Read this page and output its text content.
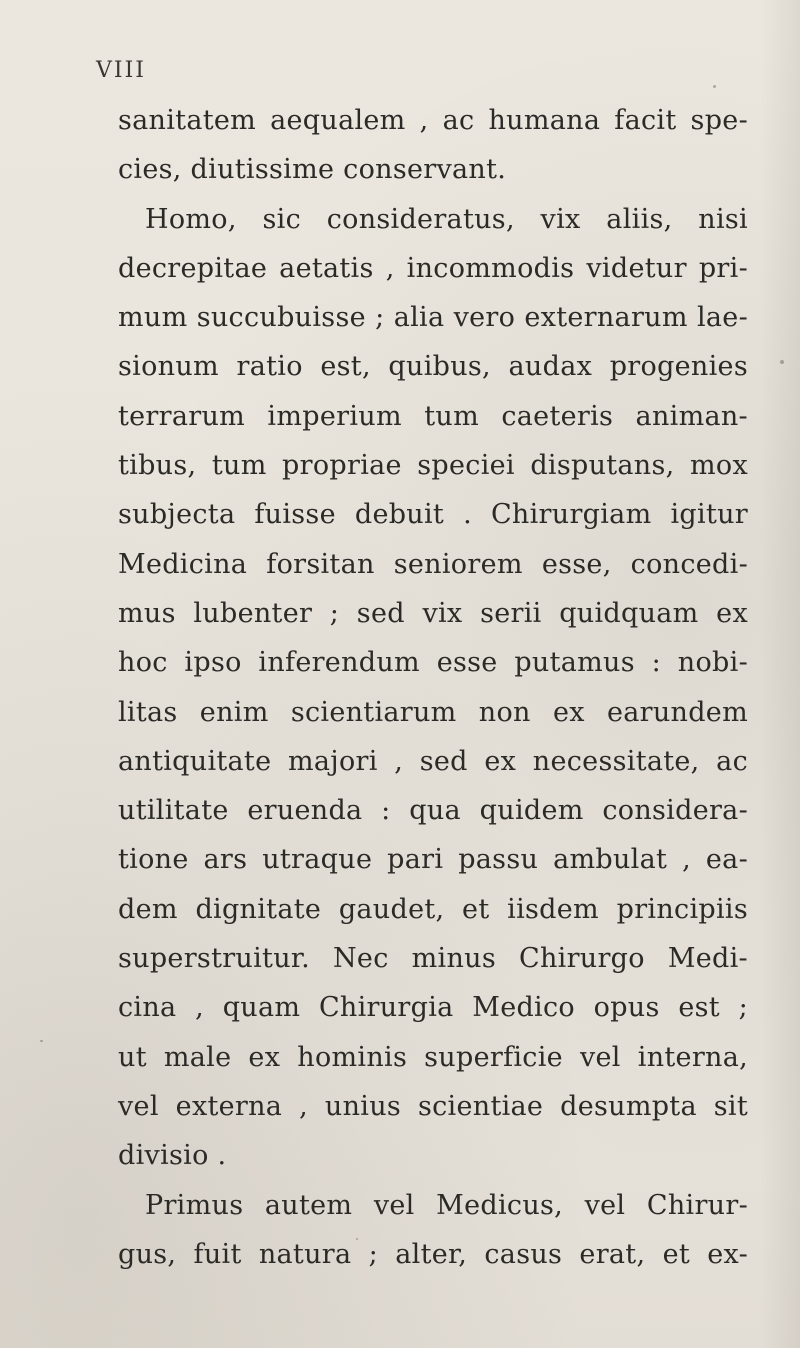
VIII
sanitatem aequalem , ac humana facit spe-
cies, diutissime conservant.
Homo, sic consideratus, vix aliis, nisi
decrepitae aetatis , incommodis videtur pri-
mum succubuisse ; alia vero externarum lae-
sionum ratio est, quibus, audax progenies
terrarum imperium tum caeteris animan-
tibus, tum propriae speciei disputans, mox
subjecta fuisse debuit . Chirurgiam igitur
Medicina forsitan seniorem esse, concedi-
mus lubenter ; sed vix serii quidquam ex
hoc ipso inferendum esse putamus : nobi-
litas enim scientiarum non ex earundem
antiquitate majori , sed ex necessitate, ac
utilitate eruenda : qua quidem considera-
tione ars utraque pari passu ambulat , ea-
dem dignitate gaudet, et iisdem principiis
superstruitur. Nec minus Chirurgo Medi-
cina , quam Chirurgia Medico opus est ;
ut male ex hominis superficie vel interna,
vel externa , unius scientiae desumpta sit
divisio .
Primus autem vel Medicus, vel Chirur-
gus, fuit natura ; alter, casus erat, et ex-
